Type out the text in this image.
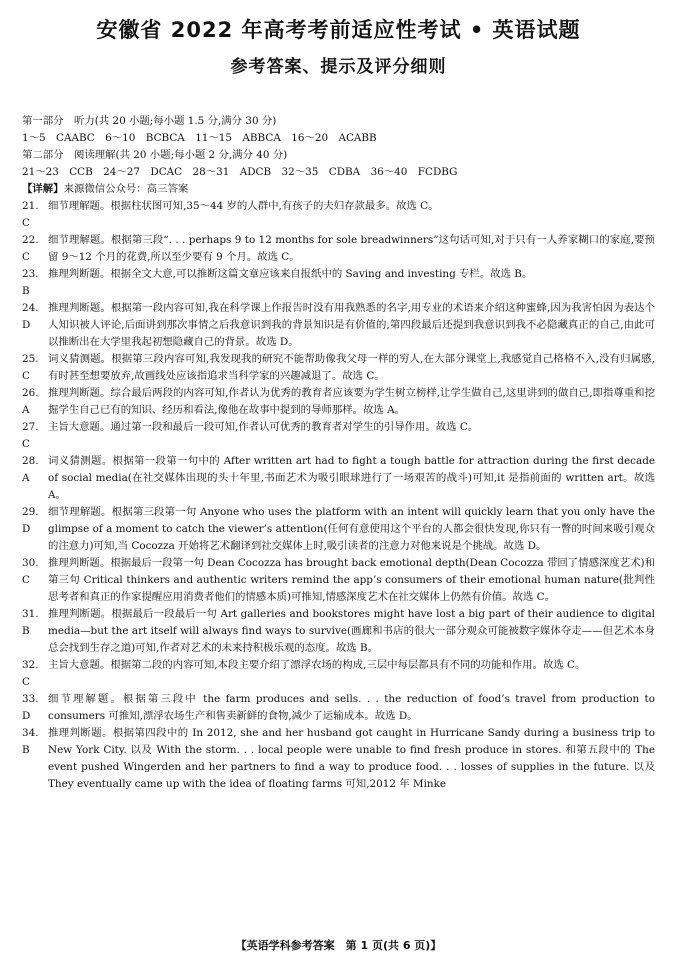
安徽省 2022 年高考考前适应性考试 • 英语试题
参考答案、提示及评分细则
第一部分　听力(共 20 小题;每小题 1.5 分,满分 30 分)
1～5　CAABC　6～10　BCBCA　11～15　ABBCA　16～20　ACABB
第二部分　阅读理解(共 20 小题;每小题 2 分,满分 40 分)
21～23　CCB　24～27　DCAC　28～31　ADCB　32～35　CDBA　36～40　FCDBG
【详解】来源微信公众号：高三答案
21. C
细节理解题。根据柱状图可知,35～44 岁的人群中,有孩子的夫妇存款最多。故选 C。
22. C
细节理解题。根据第三段“. . . perhaps 9 to 12 months for sole breadwinners”这句话可知,对于只有一人养家糊口的家庭,要预留 9～12 个月的花费,所以至少要有 9 个月。故选 C。
23. B
推理判断题。根据全文大意,可以推断这篇文章应该来自报纸中的 Saving and investing 专栏。故选 B。
24. D
推理判断题。根据第一段内容可知,我在科学课上作报告时没有用我熟悉的名字,用专业的术语来介绍这种蜜蜂,因为我害怕因为表达个人知识被人评论,后面讲到那次事情之后我意识到我的背景知识是有价值的,第四段最后还提到我意识到我不必隐藏真正的自己,由此可以推断出在大学里我起初想隐藏自己的背景。故选 D。
25. C
词义猜测题。根据第三段内容可知,我发现我的研究不能帮助像我父母一样的穷人,在大部分课堂上,我感觉自己格格不入,没有归属感,有时甚至想要放弃,故画线处应该指追求当科学家的兴趣减退了。故选 C。
26. A
推理判断题。综合最后两段的内容可知,作者认为优秀的教育者应该要为学生树立榜样,让学生做自己,这里讲到的做自己,即指尊重和挖掘学生自己已有的知识、经历和看法,像他在故事中提到的导师那样。故选 A。
27. C
主旨大意题。通过第一段和最后一段可知,作者认可优秀的教育者对学生的引导作用。故选 C。
28. A
词义猜测题。根据第一段第一句中的 After written art had to fight a tough battle for attraction during the first decade of social media(在社交媒体出现的头十年里,书面艺术为吸引眼球进行了一场艰苦的战斗)可知,it 是指前面的 written art。故选 A。
29. D
细节理解题。根据第三段第一句 Anyone who uses the platform with an intent will quickly learn that you only have the glimpse of a moment to catch the viewer’s attention(任何有意使用这个平台的人都会很快发现,你只有一瞥的时间来吸引观众的注意力)可知,当 Cocozza 开始将艺术翻译到社交媒体上时,吸引读者的注意力对他来说是个挑战。故选 D。
30. C
推理判断题。根据最后一段第一句 Dean Cocozza has brought back emotional depth(Dean Cocozza 带回了情感深度艺术)和第三句 Critical thinkers and authentic writers remind the app’s consumers of their emotional human nature(批判性思考者和真正的作家提醒应用消费者他们的情感本质)可推知,情感深度艺术在社交媒体上仍然有价值。故选 C。
31. B
推理判断题。根据最后一段最后一句 Art galleries and bookstores might have lost a big part of their audience to digital media—but the art itself will always find ways to survive(画廊和书店的很大一部分观众可能被数字媒体夺走——但艺术本身总会找到生存之道)可知,作者对艺术的未来持积极乐观的态度。故选 B。
32. C
主旨大意题。根据第二段的内容可知,本段主要介绍了漂浮农场的构成,三层中每层都具有不同的功能和作用。故选 C。
33. D
细节理解题。根据第三段中 the farm produces and sells. . . the reduction of food’s travel from production to consumers 可推知,漂浮农场生产和售卖新鲜的食物,减少了运输成本。故选 D。
34. B
推理判断题。根据第四段中的 In 2012, she and her husband got caught in Hurricane Sandy during a business trip to New York City. 以及 With the storm. . . local people were unable to find fresh produce in stores. 和第五段中的 The event pushed Wingerden and her partners to find a way to produce food. . . losses of supplies in the future. 以及 They eventually came up with the idea of floating farms 可知,2012 年 Minke
【英语学科参考答案　第 1 页(共 6 页)】
